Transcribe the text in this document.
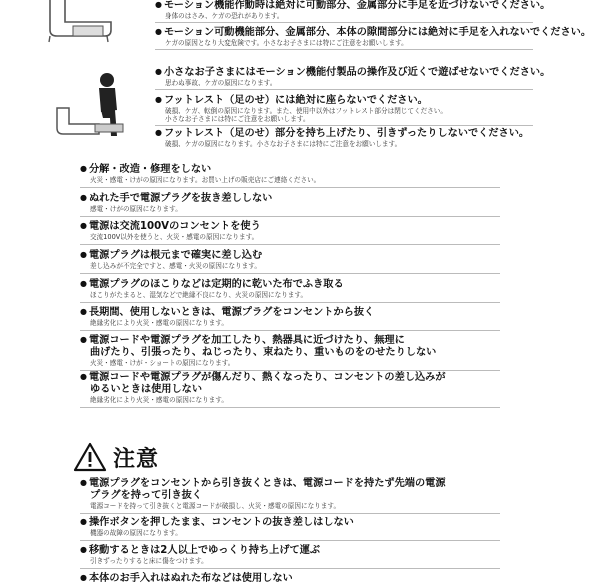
● モーション機能作動時は絶対に可動部分、金属部分に手足を近づけないでください。
身体のはさみ、ケガの恐れがあります。
● モーション可動機能部分、金属部分、本体の隙間部分には絶対に手足を入れないでください。
ケガの原因となり大変危険です。小さなお子さまには特にご注意をお願いします。
● 小さなお子さまにはモーション機能付製品の操作及び近くで遊ばせないでください。
思わぬ事故、ケガの原因になります。
● フットレスト（足のせ）には絶対に座らないでください。
破損、ケガ、転倒の原因になります。また、使用中以外はフットレスト部分は閉じてください。
小さなお子さまには特にご注意をお願いします。
● フットレスト（足のせ）部分を持ち上げたり、引きずったりしないでください。
破損、ケガの原因になります。小さなお子さまには特にご注意をお願いします。
● 分解・改造・修理をしない
火災・感電・けがの原因になります。お買い上げの販売店にご連絡ください。
● ぬれた手で電源プラグを抜き差ししない
感電・けがの原因になります。
● 電源は交流100Vのコンセントを使う
交流100V以外を使うと、火災・感電の原因になります。
● 電源プラグは根元まで確実に差し込む
差し込みが不完全ですと、感電・火災の原因になります。
● 電源プラグのほこりなどは定期的に乾いた布でふき取る
ほこりがたまると、湿気などで絶縁不良になり、火災の原因になります。
● 長期間、使用しないときは、電源プラグをコンセントから抜く
絶縁劣化により火災・感電の原因になります。
● 電源コードや電源プラグを加工したり、熱器具に近づけたり、無理に
曲げたり、引張ったり、ねじったり、束ねたり、重いものをのせたりしない
火災・感電・けが・ショートの原因になります。
● 電源コードや電源プラグが傷んだり、熱くなったり、コンセントの差し込みが
ゆるいときは使用しない
絶縁劣化により火災・感電の原因になります。
注意
● 電源プラグをコンセントから引き抜くときは、電源コードを持たず先端の電源
プラグを持って引き抜く
電源コードを持って引き抜くと電源コードが破損し、火災・感電の原因になります。
● 操作ボタンを押したまま、コンセントの抜き差しはしない
機器の故障の原因になります。
● 移動するときは2人以上でゆっくり持ち上げて運ぶ
引きずったりすると床に傷をつけます。
● 本体のお手入れはぬれた布などは使用しない
